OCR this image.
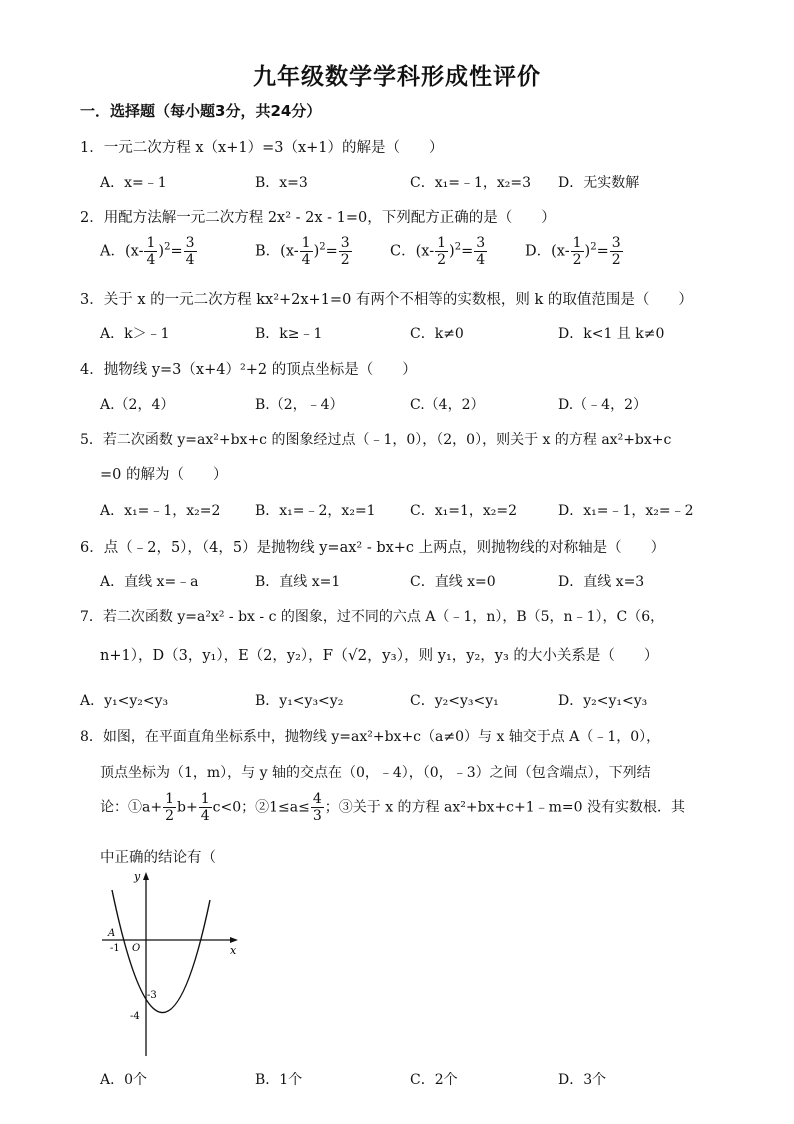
九年级数学学科形成性评价
一．选择题（每小题3分，共24分）
1．一元二次方程 x（x+1）=3（x+1）的解是（　　）
A．x=﹣1	B．x=3	C．x₁=﹣1，x₂=3 D．无实数解
2．用配方法解一元二次方程 2x² - 2x - 1=0，下列配方正确的是（　　）
A．$(x- \frac{1}{4} )^2= \frac{3}{4}$	B．$(x- \frac{1}{4} )^2= \frac{3}{2}$	C．$(x- \frac{1}{2} )^2= \frac{3}{4}$	D．$(x- \frac{1}{2} )^2= \frac{3}{2}$
3．关于 x 的一元二次方程 kx²+2x+1=0 有两个不相等的实数根，则 k 的取值范围是（　　）
A．k＞﹣1	B．k≥﹣1	C．k≠0	D．k<1 且 k≠0
4．抛物线 y=3（x+4）²+2 的顶点坐标是（　　）
A.（2，4）	B.（2，﹣4）	C.（4，2）	D.（﹣4，2）
5．若二次函数 y=ax²+bx+c 的图象经过点（﹣1，0），（2，0），则关于 x 的方程 ax²+bx+c
=0 的解为（　　）
A．x₁=﹣1，x₂=2 B．x₁=﹣2，x₂=1 C．x₁=1，x₂=2	D．x₁=﹣1，x₂=﹣2
6．点（﹣2，5），（4，5）是抛物线 y=ax² - bx+c 上两点，则抛物线的对称轴是（　　）
A．直线 x=﹣a	B．直线 x=1	C．直线 x=0	D．直线 x=3
7．若二次函数 y=a²x² - bx - c 的图象，过不同的六点 A（﹣1，n），B（5，n﹣1），C（6，
n+1），D（3，y₁），E（2，y₂），F（√2，y₃），则 y₁，y₂，y₃ 的大小关系是（　　）
A．y₁<y₂<y₃	B．y₁<y₃<y₂	C．y₂<y₃<y₁	D．y₂<y₁<y₃
8．如图，在平面直角坐标系中，抛物线 y=ax²+bx+c（a≠0）与 x 轴交于点 A（﹣1，0），
顶点坐标为（1，m），与 y 轴的交点在（0，﹣4），（0，﹣3）之间（包含端点），下列结
论：①a+ $\frac{1}{2} b+ \frac{1}{4} c<0$；②1≤a≤ $\frac{4}{3}$ ；③关于 x 的方程 ax²+bx+c+1﹣m=0 没有实数根．其
中正确的结论有（
y
x
A
-1 O
-3
-4
A．0个	B．1个	C．2个	D．3个
